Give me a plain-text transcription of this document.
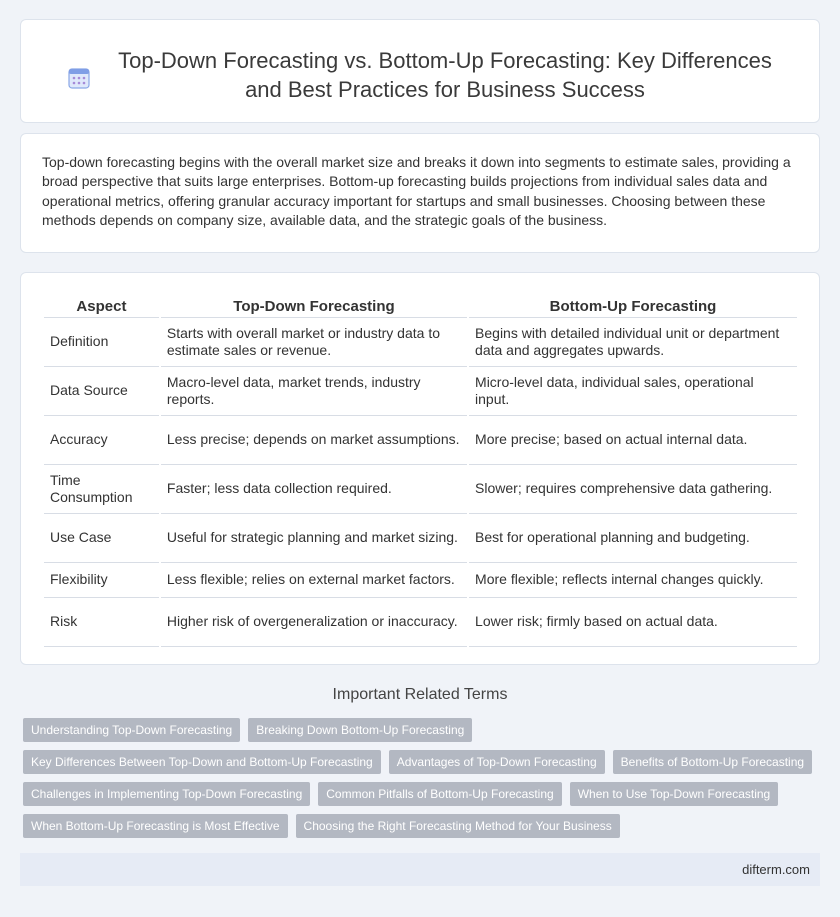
Top-Down Forecasting vs. Bottom-Up Forecasting: Key Differences
and Best Practices for Business Success

Top-down forecasting begins with the overall market size and breaks it down into segments to estimate sales, providing a broad perspective that suits large enterprises. Bottom-up forecasting builds projections from individual sales data and operational metrics, offering granular accuracy important for startups and small businesses. Choosing between these methods depends on company size, available data, and the strategic goals of the business.

Aspect	Top-Down Forecasting	Bottom-Up Forecasting
Definition	Starts with overall market or industry data to estimate sales or revenue.	Begins with detailed individual unit or department data and aggregates upwards.
Data Source	Macro-level data, market trends, industry reports.	Micro-level data, individual sales, operational input.
Accuracy	Less precise; depends on market assumptions.	More precise; based on actual internal data.
Time Consumption	Faster; less data collection required.	Slower; requires comprehensive data gathering.
Use Case	Useful for strategic planning and market sizing.	Best for operational planning and budgeting.
Flexibility	Less flexible; relies on external market factors.	More flexible; reflects internal changes quickly.
Risk	Higher risk of overgeneralization or inaccuracy.	Lower risk; firmly based on actual data.
Important Related Terms
Understanding Top-Down Forecasting	Breaking Down Bottom-Up Forecasting
Key Differences Between Top-Down and Bottom-Up Forecasting	Advantages of Top-Down Forecasting	Benefits of Bottom-Up Forecasting
Challenges in Implementing Top-Down Forecasting	Common Pitfalls of Bottom-Up Forecasting	When to Use Top-Down Forecasting
When Bottom-Up Forecasting is Most Effective	Choosing the Right Forecasting Method for Your Business
difterm.com
